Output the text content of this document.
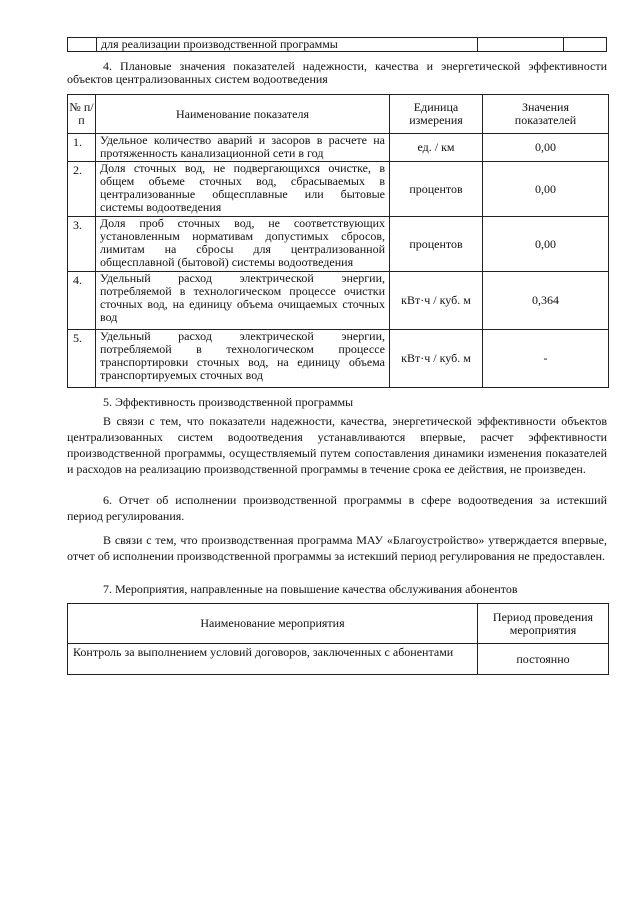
	для реализации производственной программы		
4. Плановые значения показателей надежности, качества и энергетической эффективности объектов централизованных систем водоотведения
№ п/п	Наименование показателя	Единица измерения	Значения показателей
1.	Удельное количество аварий и засоров в расчете на протяженность канализационной сети в год	ед. / км	0,00
2.	Доля сточных вод, не подвергающихся очистке, в общем объеме сточных вод, сбрасываемых в централизованные общесплавные или бытовые системы водоотведения	процентов	0,00
3.	Доля проб сточных вод, не соответствующих установленным нормативам допустимых сбросов, лимитам на сбросы для централизованной общесплавной (бытовой) системы водоотведения	процентов	0,00
4.	Удельный расход электрической энергии, потребляемой в технологическом процессе очистки сточных вод, на единицу объема очищаемых сточных вод	кВт·ч / куб. м	0,364
5.	Удельный расход электрической энергии, потребляемой в технологическом процессе транспортировки сточных вод, на единицу объема транспортируемых сточных вод	кВт·ч / куб. м	-
5. Эффективность производственной программы
В связи с тем, что показатели надежности, качества, энергетической эффективности объектов централизованных систем водоотведения устанавливаются впервые, расчет эффективности производственной программы, осуществляемый путем сопоставления динамики изменения показателей и расходов на реализацию производственной программы в течение срока ее действия, не произведен.
6. Отчет об исполнении производственной программы в сфере водоотведения за истекший период регулирования.
В связи с тем, что производственная программа МАУ «Благоустройство» утверждается впервые, отчет об исполнении производственной программы за истекший период регулирования не предоставлен.
7. Мероприятия, направленные на повышение качества обслуживания абонентов
Наименование мероприятия	Период проведения мероприятия
Контроль за выполнением условий договоров, заключенных с абонентами	постоянно
